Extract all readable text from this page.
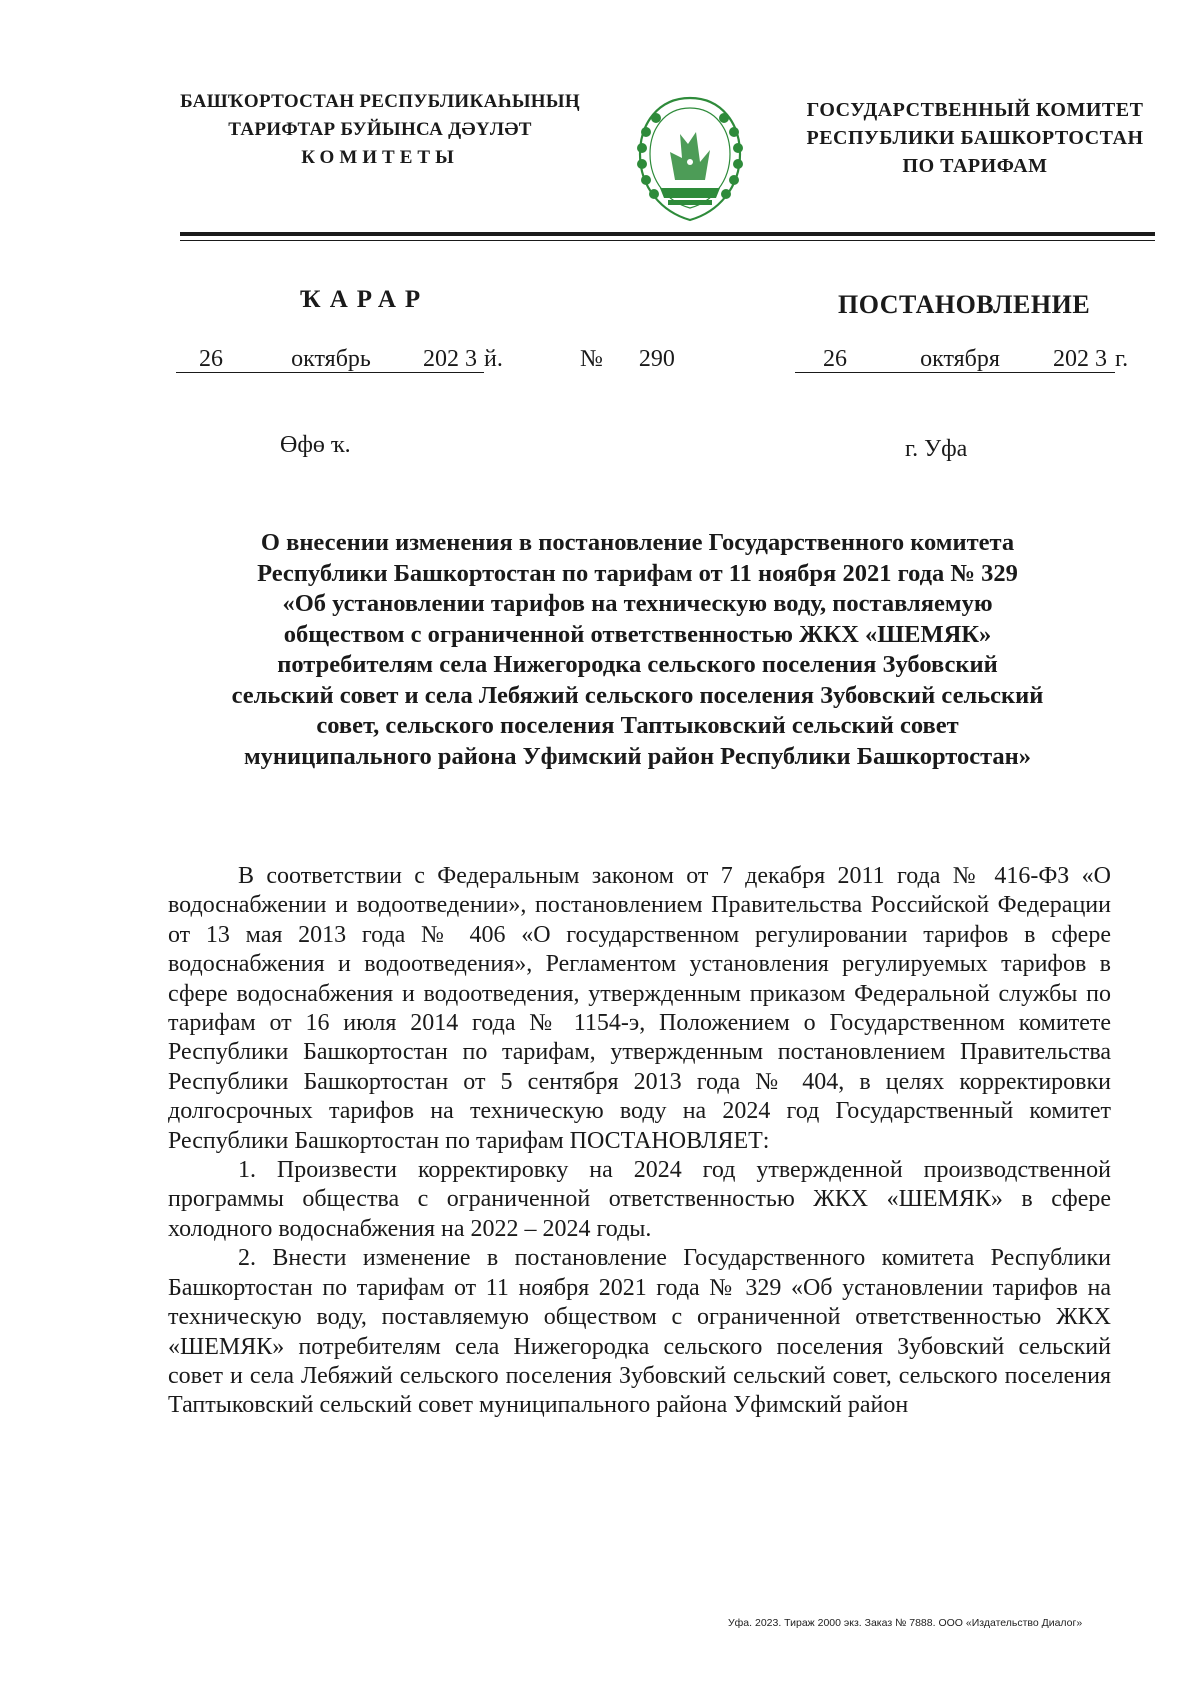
БАШҠОРТОСТАН РЕСПУБЛИКАҺЫНЫҢ
ТАРИФТАР БУЙЫНСА ДӘҮЛӘТ
КОМИТЕТЫ
ГОСУДАРСТВЕННЫЙ КОМИТЕТ
РЕСПУБЛИКИ БАШКОРТОСТАН
ПО ТАРИФАМ
ҠАРАР	ПОСТАНОВЛЕНИЕ
26	октябрь 202 3 й.	№ 290	26	октября 202 3 г.
Өфө ҡ.	г. Уфа
О внесении изменения в постановление Государственного комитета
Республики Башкортостан по тарифам от 11 ноября 2021 года № 329
«Об установлении тарифов на техническую воду, поставляемую
обществом с ограниченной ответственностью ЖКХ «ШЕМЯК»
потребителям села Нижегородка сельского поселения Зубовский
сельский совет и села Лебяжий сельского поселения Зубовский сельский
совет, сельского поселения Таптыковский сельский совет
муниципального района Уфимский район Республики Башкортостан»

В соответствии с Федеральным законом от 7 декабря 2011 года № 416-ФЗ «О водоснабжении и водоотведении», постановлением Правительства Российской Федерации от 13 мая 2013 года № 406 «О государственном регулировании тарифов в сфере водоснабжения и водоотведения», Регламентом установления регулируемых тарифов в сфере водоснабжения и водоотведения, утвержденным приказом Федеральной службы по тарифам от 16 июля 2014 года № 1154-э, Положением о Государственном комитете Республики Башкортостан по тарифам, утвержденным постановлением Правительства Республики Башкортостан от 5 сентября 2013 года № 404, в целях корректировки долгосрочных тарифов на техническую воду на 2024 год Государственный комитет Республики Башкортостан по тарифам ПОСТАНОВЛЯЕТ:

1. Произвести корректировку на 2024 год утвержденной производственной программы общества с ограниченной ответственностью ЖКХ «ШЕМЯК» в сфере холодного водоснабжения на 2022 – 2024 годы.

2. Внести изменение в постановление Государственного комитета Республики Башкортостан по тарифам от 11 ноября 2021 года № 329 «Об установлении тарифов на техническую воду, поставляемую обществом с ограниченной ответственностью ЖКХ «ШЕМЯК» потребителям села Нижегородка сельского поселения Зубовский сельский совет и села Лебяжий сельского поселения Зубовский сельский совет, сельского поселения Таптыковский сельский совет муниципального района Уфимский район

Уфа. 2023. Тираж 2000 экз. Заказ № 7888. ООО «Издательство Диалог»
